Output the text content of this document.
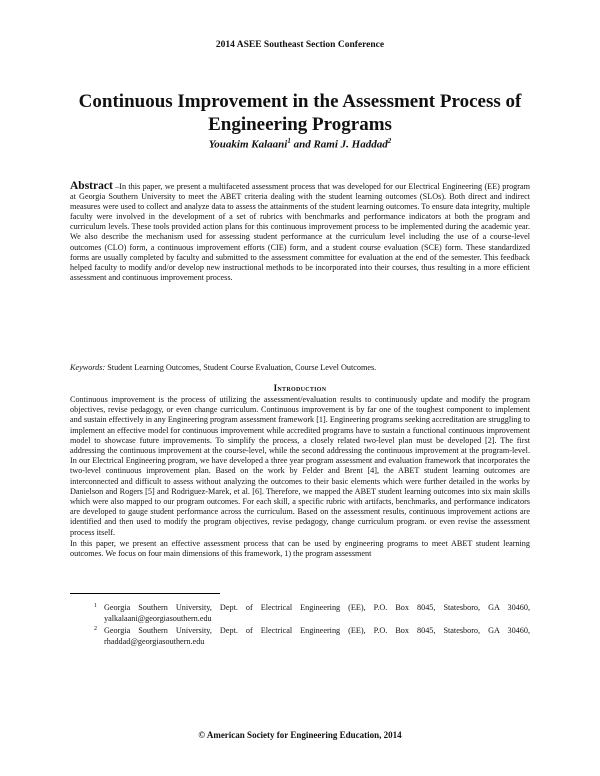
2014 ASEE Southeast Section Conference
Continuous Improvement in the Assessment Process of Engineering Programs
Youakim Kalaani$^1$ and Rami J. Haddad$^2$
Abstract –In this paper, we present a multifaceted assessment process that was developed for our Electrical Engineering (EE) program at Georgia Southern University to meet the ABET criteria dealing with the student learning outcomes (SLOs). Both direct and indirect measures were used to collect and analyze data to assess the attainments of the student learning outcomes. To ensure data integrity, multiple faculty were involved in the development of a set of rubrics with benchmarks and performance indicators at both the program and curriculum levels. These tools provided action plans for this continuous improvement process to be implemented during the academic year. We also describe the mechanism used for assessing student performance at the curriculum level including the use of a course-level outcomes (CLO) form, a continuous improvement efforts (CIE) form, and a student course evaluation (SCE) form. These standardized forms are usually completed by faculty and submitted to the assessment committee for evaluation at the end of the semester. This feedback helped faculty to modify and/or develop new instructional methods to be incorporated into their courses, thus resulting in a more efficient assessment and continuous improvement process.
Keywords: Student Learning Outcomes, Student Course Evaluation, Course Level Outcomes.
Introduction

Continuous improvement is the process of utilizing the assessment/evaluation results to continuously update and modify the program objectives, revise pedagogy, or even change curriculum. Continuous improvement is by far one of the toughest component to implement and sustain effectively in any Engineering program assessment framework [1]. Engineering programs seeking accreditation are struggling to implement an effective model for continuous improvement while accredited programs have to sustain a functional continuous improvement model to showcase future improvements. To simplify the process, a closely related two-level plan must be developed [2]. The first addressing the continuous improvement at the course-level, while the second addressing the continuous improvement at the program-level. In our Electrical Engineering program, we have developed a three year program assessment and evaluation framework that incorporates the two-level continuous improvement plan. Based on the work by Felder and Brent [4], the ABET student learning outcomes are interconnected and difficult to assess without analyzing the outcomes to their basic elements which were further detailed in the works by Danielson and Rogers [5] and Rodriguez-Marek, et al. [6]. Therefore, we mapped the ABET student learning outcomes into six main skills which were also mapped to our program outcomes. For each skill, a specific rubric with artifacts, benchmarks, and performance indicators are developed to gauge student performance across the curriculum. Based on the assessment results, continuous improvement actions are identified and then used to modify the program objectives, revise pedagogy, change curriculum program. or even revise the assessment process itself.

In this paper, we present an effective assessment process that can be used by engineering programs to meet ABET student learning outcomes. We focus on four main dimensions of this framework, 1) the program assessment

1 Georgia Southern University, Dept. of Electrical Engineering (EE), P.O. Box 8045, Statesboro, GA 30460, yalkalaani@georgiasouthern.edu
2 Georgia Southern University, Dept. of Electrical Engineering (EE), P.O. Box 8045, Statesboro, GA 30460, rhaddad@georgiasouthern.edu
© American Society for Engineering Education, 2014
